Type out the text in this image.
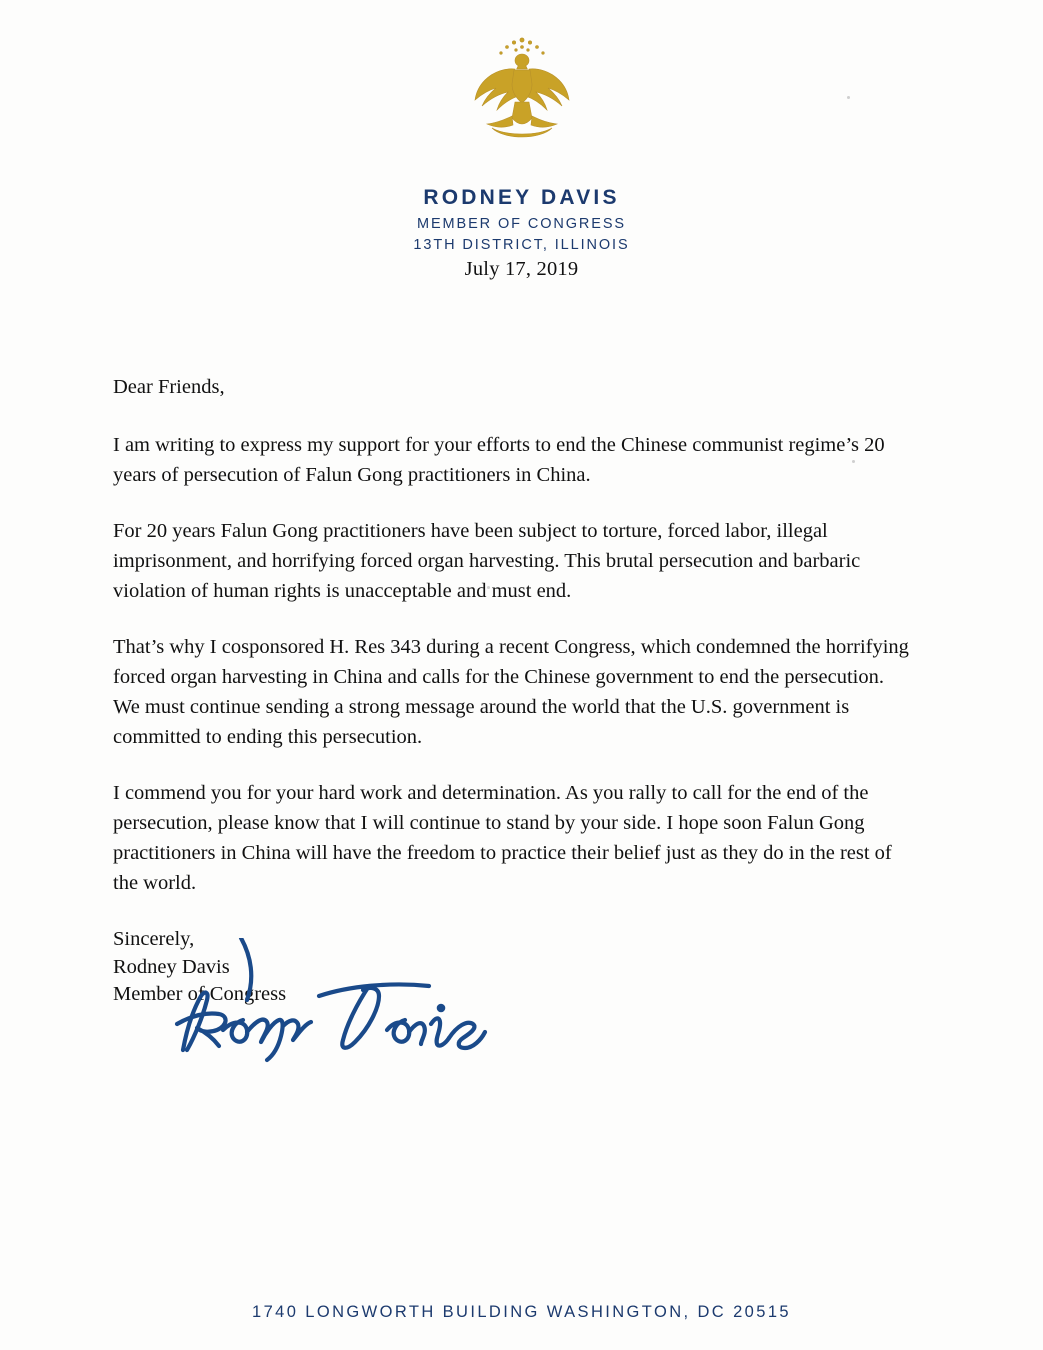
RODNEY DAVIS
MEMBER OF CONGRESS
13TH DISTRICT, ILLINOIS
July 17, 2019

Dear Friends,

I am writing to express my support for your efforts to end the Chinese communist regime’s 20 years of persecution of Falun Gong practitioners in China.

For 20 years Falun Gong practitioners have been subject to torture, forced labor, illegal imprisonment, and horrifying forced organ harvesting. This brutal persecution and barbaric violation of human rights is unacceptable and must end.

That’s why I cosponsored H. Res 343 during a recent Congress, which condemned the horrifying forced organ harvesting in China and calls for the Chinese government to end the persecution. We must continue sending a strong message around the world that the U.S. government is committed to ending this persecution.

I commend you for your hard work and determination. As you rally to call for the end of the persecution, please know that I will continue to stand by your side. I hope soon Falun Gong practitioners in China will have the freedom to practice their belief just as they do in the rest of the world.

Sincerely,

Rodney Davis

Member of Congress

1740 LONGWORTH BUILDING WASHINGTON, DC 20515
